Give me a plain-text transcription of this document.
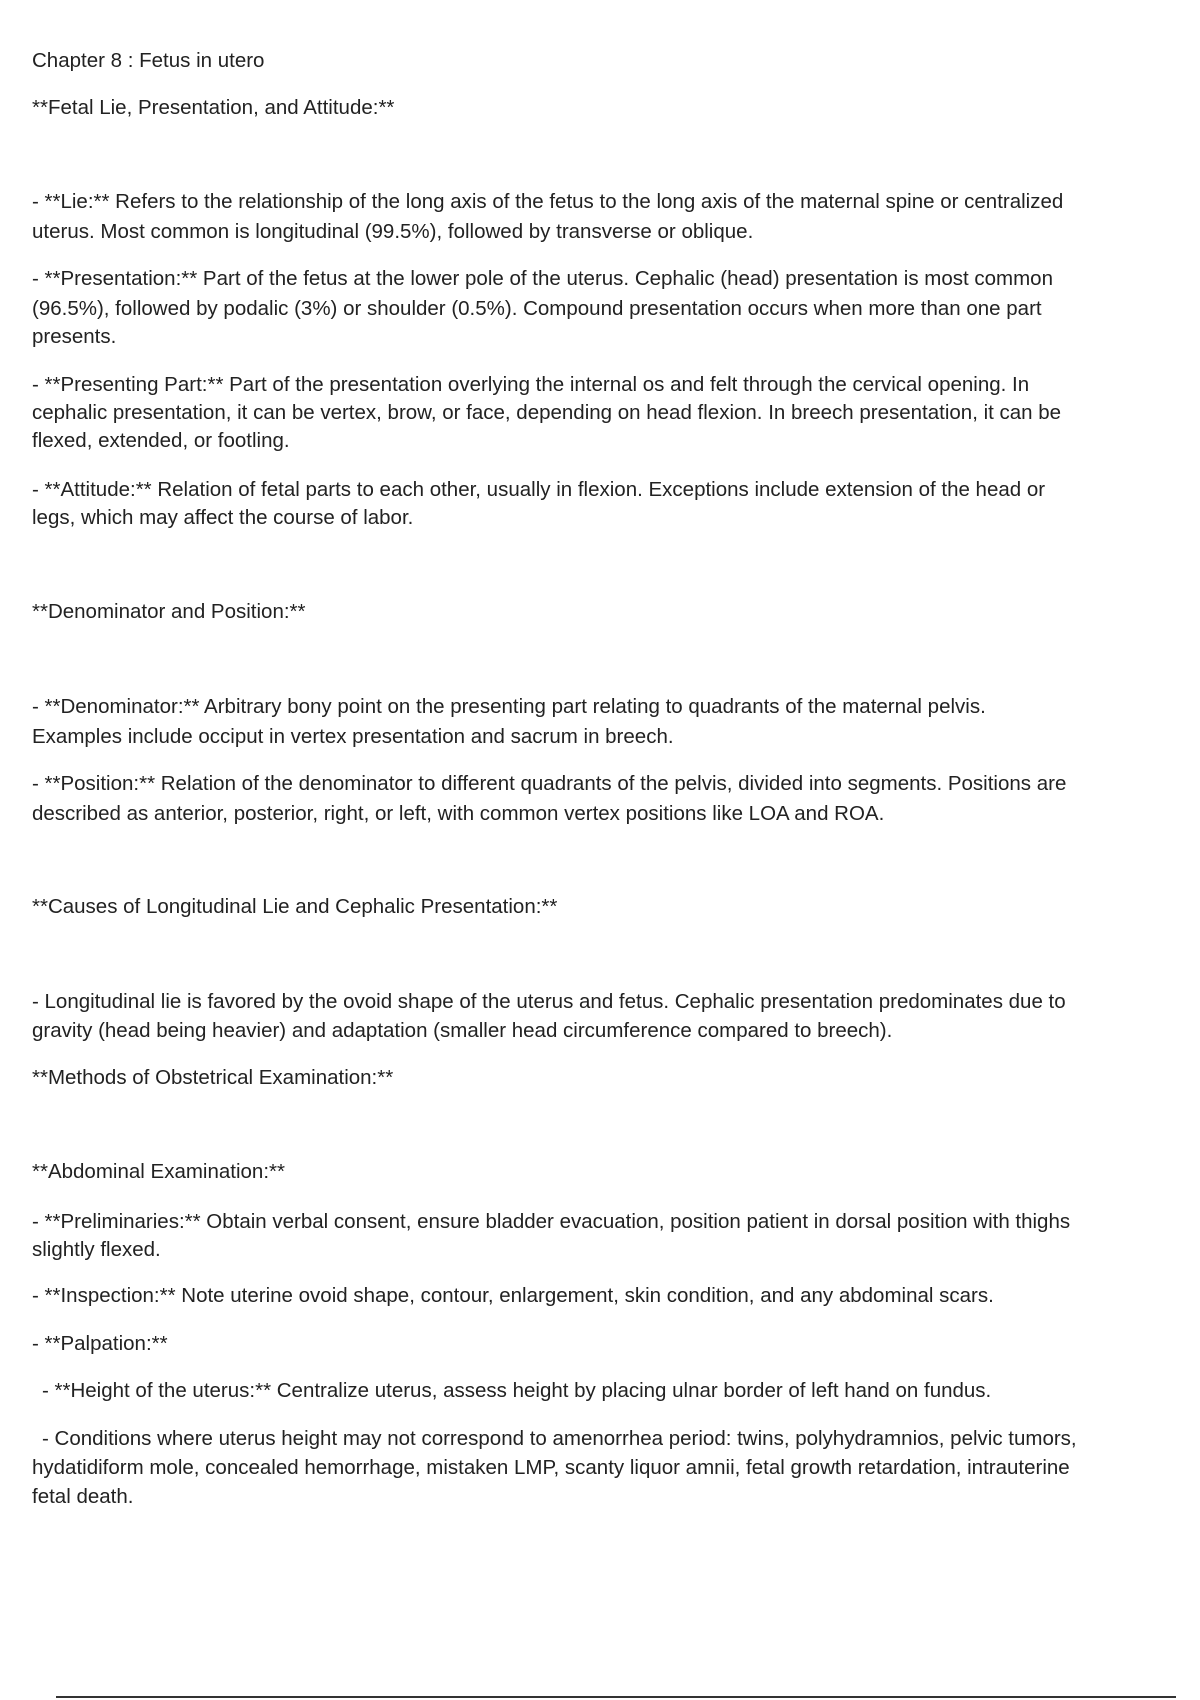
Chapter 8 : Fetus in utero

**Fetal Lie, Presentation, and Attitude:**

- **Lie:** Refers to the relationship of the long axis of the fetus to the long axis of the maternal spine or centralized

uterus. Most common is longitudinal (99.5%), followed by transverse or oblique.

- **Presentation:** Part of the fetus at the lower pole of the uterus. Cephalic (head) presentation is most common

(96.5%), followed by podalic (3%) or shoulder (0.5%). Compound presentation occurs when more than one part

presents.

- **Presenting Part:** Part of the presentation overlying the internal os and felt through the cervical opening. In

cephalic presentation, it can be vertex, brow, or face, depending on head flexion. In breech presentation, it can be

flexed, extended, or footling.

- **Attitude:** Relation of fetal parts to each other, usually in flexion. Exceptions include extension of the head or

legs, which may affect the course of labor.

**Denominator and Position:**

- **Denominator:** Arbitrary bony point on the presenting part relating to quadrants of the maternal pelvis.

Examples include occiput in vertex presentation and sacrum in breech.

- **Position:** Relation of the denominator to different quadrants of the pelvis, divided into segments. Positions are

described as anterior, posterior, right, or left, with common vertex positions like LOA and ROA.

**Causes of Longitudinal Lie and Cephalic Presentation:**

- Longitudinal lie is favored by the ovoid shape of the uterus and fetus. Cephalic presentation predominates due to

gravity (head being heavier) and adaptation (smaller head circumference compared to breech).

**Methods of Obstetrical Examination:**

**Abdominal Examination:**

- **Preliminaries:** Obtain verbal consent, ensure bladder evacuation, position patient in dorsal position with thighs

slightly flexed.

- **Inspection:** Note uterine ovoid shape, contour, enlargement, skin condition, and any abdominal scars.

- **Palpation:**

- **Height of the uterus:** Centralize uterus, assess height by placing ulnar border of left hand on fundus.

- Conditions where uterus height may not correspond to amenorrhea period: twins, polyhydramnios, pelvic tumors,

hydatidiform mole, concealed hemorrhage, mistaken LMP, scanty liquor amnii, fetal growth retardation, intrauterine

fetal death.
